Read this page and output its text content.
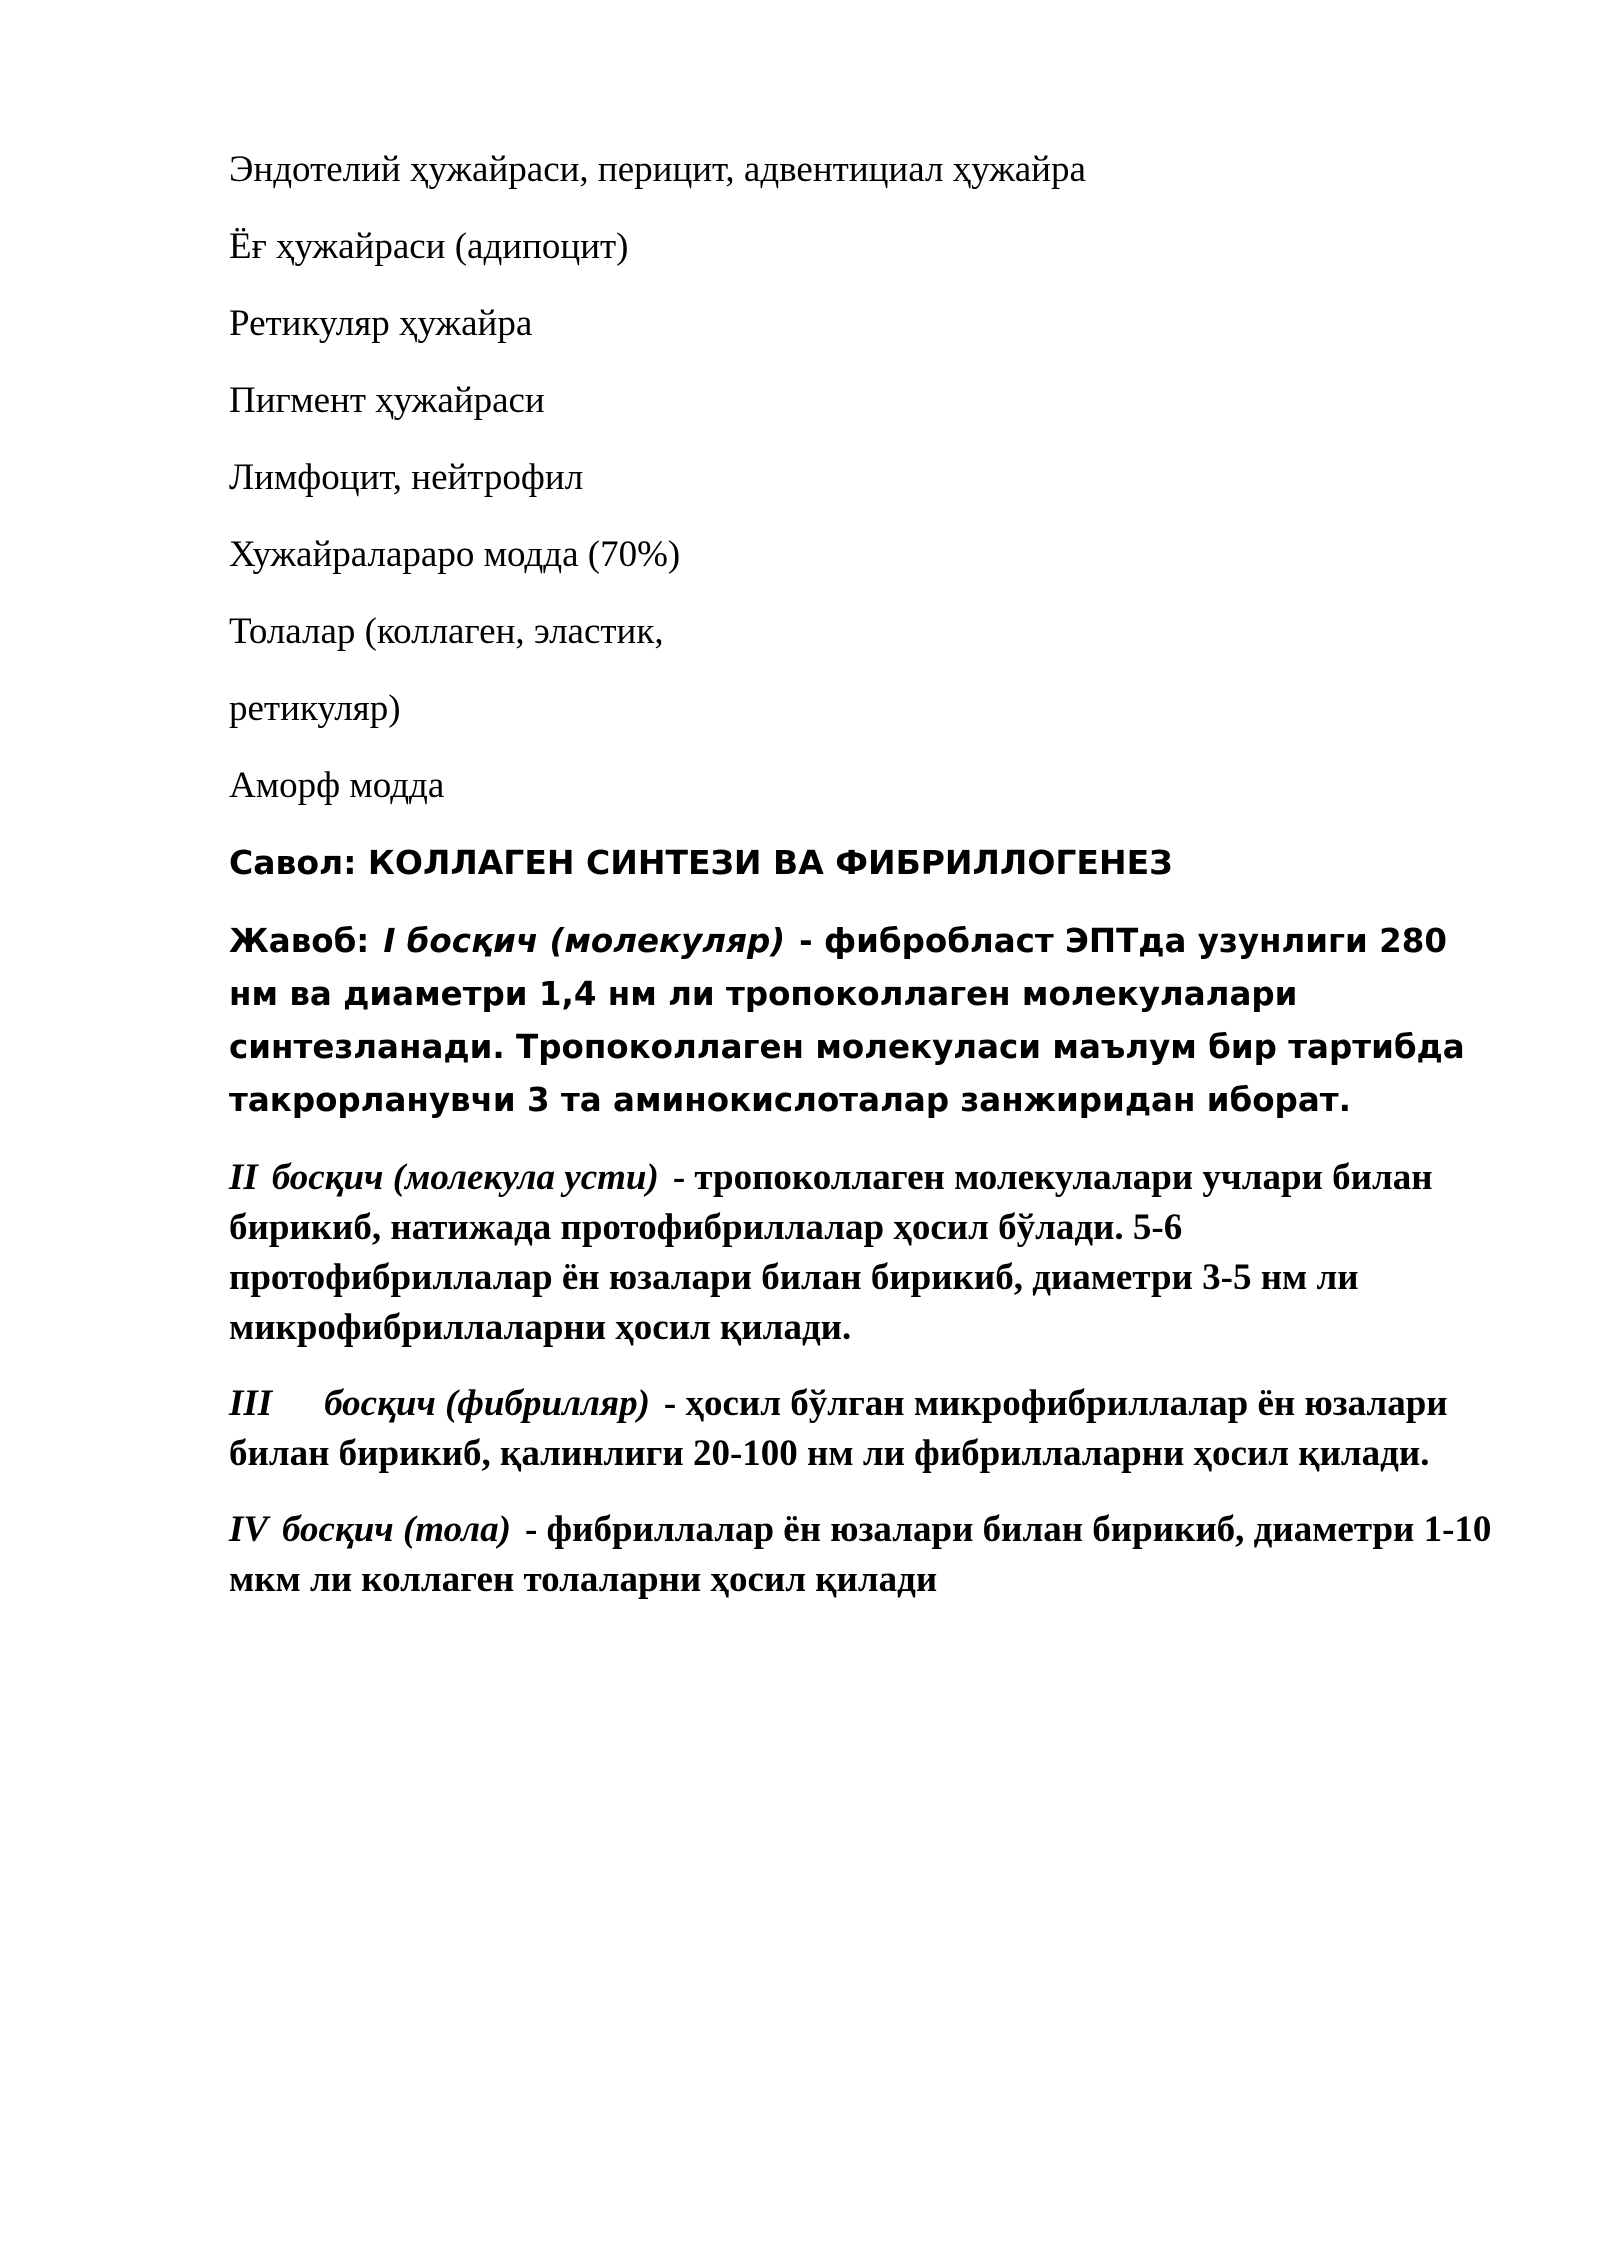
Эндотелий ҳужайраси, перицит, адвентициал ҳужайра

Ёғ ҳужайраси (адипоцит)

Ретикуляр ҳужайра

Пигмент ҳужайраси

Лимфоцит, нейтрофил

Хужайралараро модда (70%)

Толалар (коллаген, эластик,

ретикуляр)

Аморф модда

Савол: КОЛЛАГЕН СИНТЕЗИ ВА ФИБРИЛЛОГЕНЕЗ

Жавоб: I босқич (молекуляр) - фибробласт ЭПТда узунлиги 280 нм ва диаметри 1,4 нм ли тропоколлаген молекулалари синтезланади. Тропоколлаген молекуласи маълум бир тартибда такрорланувчи 3 та аминокислоталар занжиридан иборат.

II босқич (молекула усти) - тропоколлаген молекулалари учлари билан бирикиб, натижада протофибриллалар ҳосил бўлади. 5-6 протофибриллалар ён юзалари билан бирикиб, диаметри 3-5 нм ли микрофибриллаларни ҳосил қилади.

III босқич (фибрилляр) - ҳосил бўлган микрофибриллалар ён юзалари билан бирикиб, қалинлиги 20-100 нм ли фибриллаларни ҳосил қилади.

IV босқич (тола) - фибриллалар ён юзалари билан бирикиб, диаметри 1-10 мкм ли коллаген толаларни ҳосил қилади
